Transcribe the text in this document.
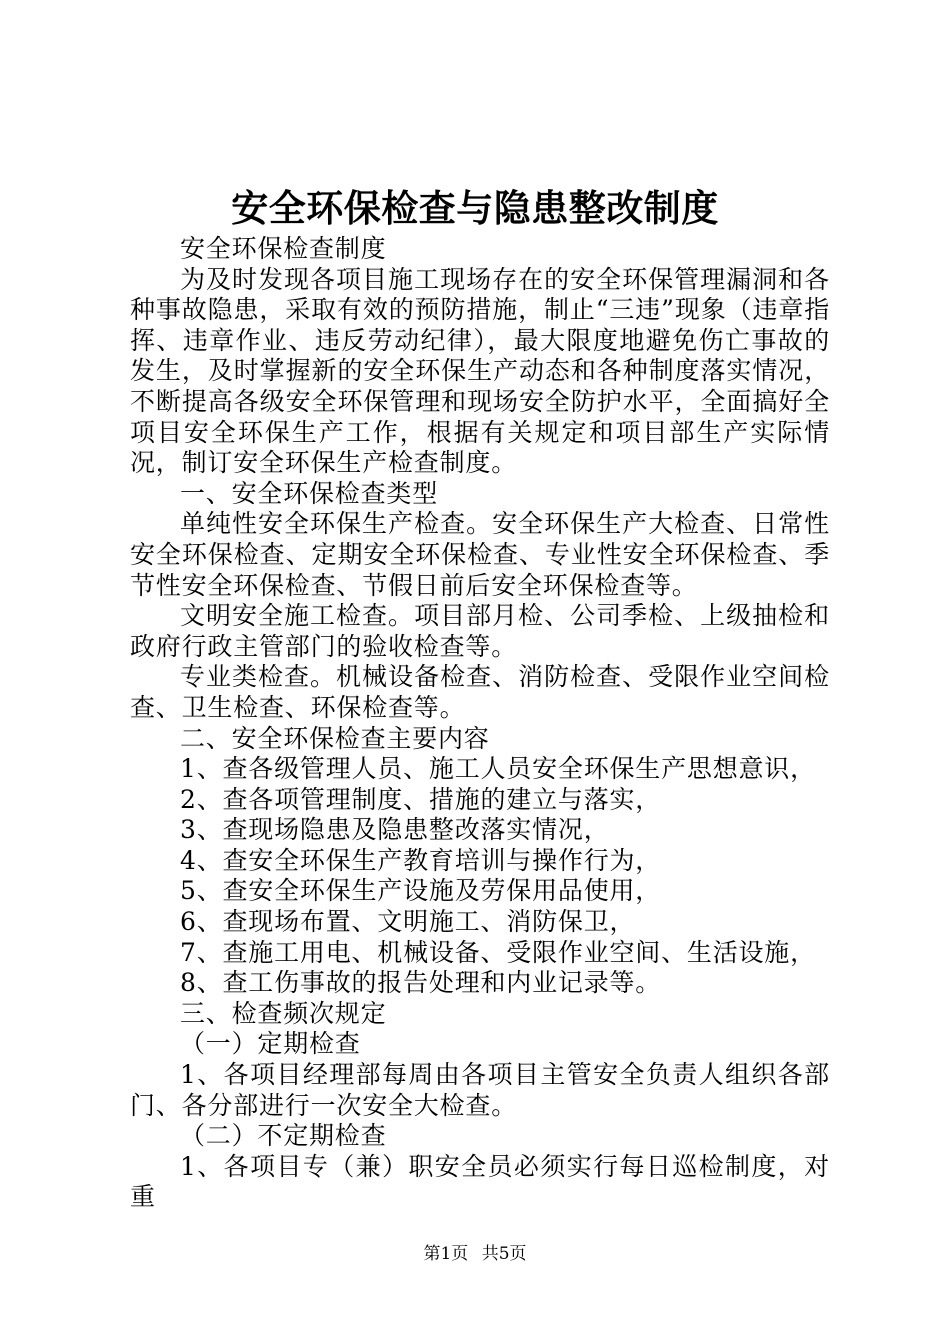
安全环保检查与隐患整改制度

安全环保检查制度

为及时发现各项目施工现场存在的安全环保管理漏洞和各种事故隐患，采取有效的预防措施，制止“三违”现象（违章指挥、违章作业、违反劳动纪律），最大限度地避免伤亡事故的发生，及时掌握新的安全环保生产动态和各种制度落实情况，不断提高各级安全环保管理和现场安全防护水平，全面搞好全项目安全环保生产工作，根据有关规定和项目部生产实际情况，制订安全环保生产检查制度。

一、安全环保检查类型

单纯性安全环保生产检查。安全环保生产大检查、日常性安全环保检查、定期安全环保检查、专业性安全环保检查、季节性安全环保检查、节假日前后安全环保检查等。

文明安全施工检查。项目部月检、公司季检、上级抽检和政府行政主管部门的验收检查等。

专业类检查。机械设备检查、消防检查、受限作业空间检查、卫生检查、环保检查等。

二、安全环保检查主要内容

1、查各级管理人员、施工人员安全环保生产思想意识，

2、查各项管理制度、措施的建立与落实，

3、查现场隐患及隐患整改落实情况，

4、查安全环保生产教育培训与操作行为，

5、查安全环保生产设施及劳保用品使用，

6、查现场布置、文明施工、消防保卫，

7、查施工用电、机械设备、受限作业空间、生活设施，

8、查工伤事故的报告处理和内业记录等。

三、检查频次规定

（一）定期检查

1、各项目经理部每周由各项目主管安全负责人组织各部门、各分部进行一次安全大检查。

（二）不定期检查

1、各项目专（兼）职安全员必须实行每日巡检制度，对重

第1页 共5页
